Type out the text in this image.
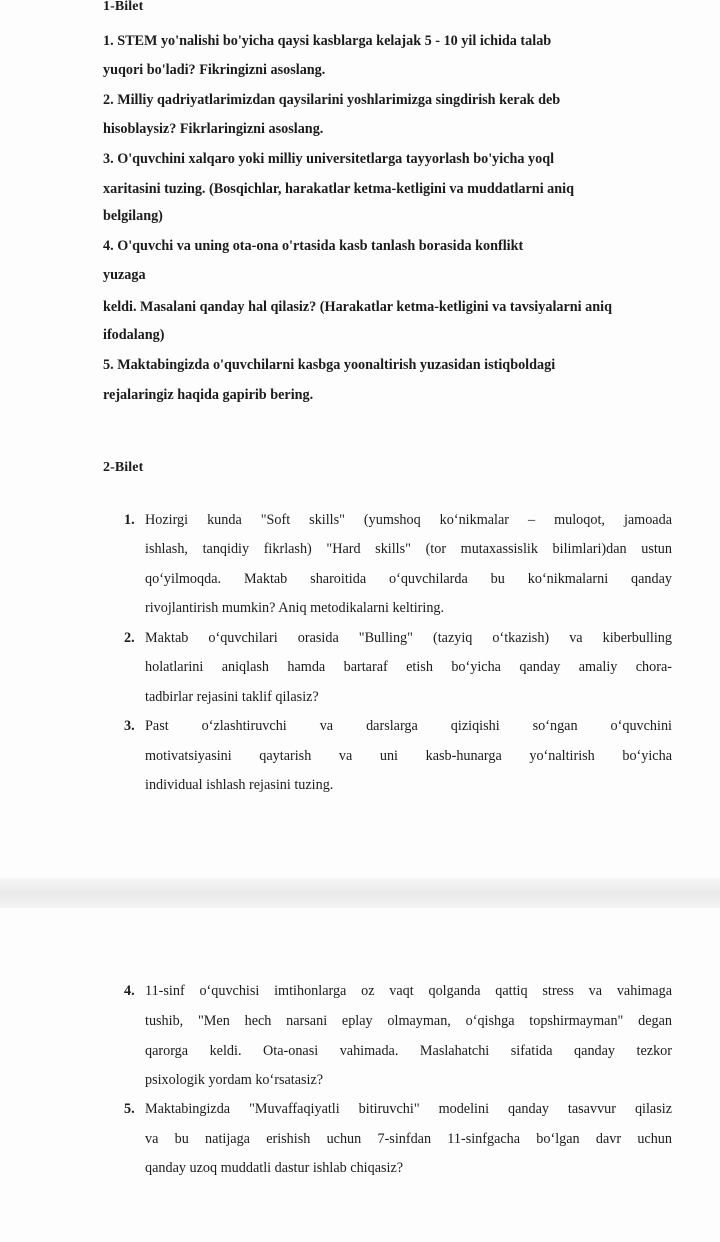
1-Bilet
1. STEM yo'nalishi bo'yicha qaysi kasblarga kelajak 5 - 10 yil ichida talab
yuqori bo'ladi? Fikringizni asoslang.
2. Milliy qadriyatlarimizdan qaysilarini yoshlarimizga singdirish kerak deb
hisoblaysiz? Fikrlaringizni asoslang.
3. O'quvchini xalqaro yoki milliy universitetlarga tayyorlash bo'yicha yoql
xaritasini tuzing. (Bosqichlar, harakatlar ketma-ketligini va muddatlarni aniq
belgilang)
4. O'quvchi va uning ota-ona o'rtasida kasb tanlash borasida konflikt
yuzaga
keldi. Masalani qanday hal qilasiz? (Harakatlar ketma-ketligini va tavsiyalarni aniq
ifodalang)
5. Maktabingizda o'quvchilarni kasbga yoonaltirish yuzasidan istiqboldagi
rejalaringiz haqida gapirib bering.
2-Bilet
1. Hozirgi kunda "Soft skills" (yumshoq ko‘nikmalar – muloqot, jamoada
ishlash, tanqidiy fikrlash) "Hard skills" (tor mutaxassislik bilimlari)dan ustun
qo‘yilmoqda. Maktab sharoitida o‘quvchilarda bu ko‘nikmalarni qanday
rivojlantirish mumkin? Aniq metodikalarni keltiring.
2. Maktab o‘quvchilari orasida "Bulling" (tazyiq o‘tkazish) va kiberbulling
holatlarini aniqlash hamda bartaraf etish bo‘yicha qanday amaliy chora-
tadbirlar rejasini taklif qilasiz?
3. Past o‘zlashtiruvchi va darslarga qiziqishi so‘ngan o‘quvchini
motivatsiyasini qaytarish va uni kasb-hunarga yo‘naltirish bo‘yicha
individual ishlash rejasini tuzing.
4. 11-sinf o‘quvchisi imtihonlarga oz vaqt qolganda qattiq stress va vahimaga
tushib, "Men hech narsani eplay olmayman, o‘qishga topshirmayman" degan
qarorga keldi. Ota-onasi vahimada. Maslahatchi sifatida qanday tezkor
psixologik yordam ko‘rsatasiz?
5. Maktabingizda "Muvaffaqiyatli bitiruvchi" modelini qanday tasavvur qilasiz
va bu natijaga erishish uchun 7-sinfdan 11-sinfgacha bo‘lgan davr uchun
qanday uzoq muddatli dastur ishlab chiqasiz?
